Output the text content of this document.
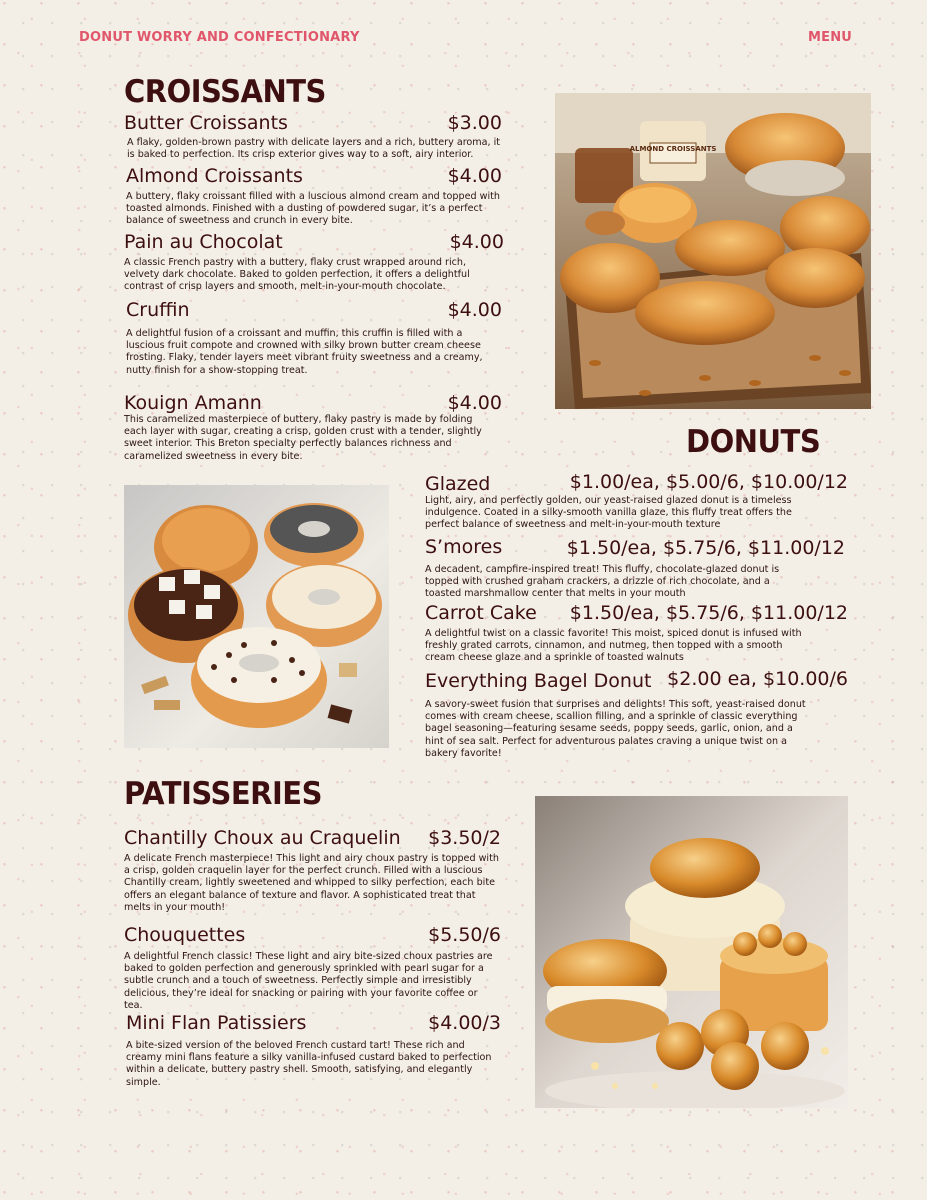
DONUT WORRY AND CONFECTIONARY	MENU
CROISSANTS
Butter Croissants	$3.00
A flaky, golden-brown pastry with delicate layers and a rich, buttery aroma, it is baked to perfection. Its crisp exterior gives way to a soft, airy interior.
Almond Croissants	$4.00
A buttery, flaky croissant filled with a luscious almond cream and topped with toasted almonds. Finished with a dusting of powdered sugar, it’s a perfect balance of sweetness and crunch in every bite.
Pain au Chocolat	$4.00
A classic French pastry with a buttery, flaky crust wrapped around rich, velvety dark chocolate. Baked to golden perfection, it offers a delightful contrast of crisp layers and smooth, melt-in-your-mouth chocolate.
Cruffin	$4.00
A delightful fusion of a croissant and muffin, this cruffin is filled with a luscious fruit compote and crowned with silky brown butter cream cheese frosting. Flaky, tender layers meet vibrant fruity sweetness and a creamy, nutty finish for a show-stopping treat.
Kouign Amann	$4.00
This caramelized masterpiece of buttery, flaky pastry is made by folding each layer with sugar, creating a crisp, golden crust with a tender, slightly sweet interior. This Breton specialty perfectly balances richness and caramelized sweetness in every bite.
ALMOND CROISSANTS
DONUTS
Glazed	$1.00/ea, $5.00/6, $10.00/12
Light, airy, and perfectly golden, our yeast-raised glazed donut is a timeless indulgence. Coated in a silky-smooth vanilla glaze, this fluffy treat offers the perfect balance of sweetness and melt-in-your-mouth texture
S’mores	$1.50/ea, $5.75/6, $11.00/12
A decadent, campfire-inspired treat! This fluffy, chocolate-glazed donut is topped with crushed graham crackers, a drizzle of rich chocolate, and a toasted marshmallow center that melts in your mouth
Carrot Cake	$1.50/ea, $5.75/6, $11.00/12
A delightful twist on a classic favorite! This moist, spiced donut is infused with freshly grated carrots, cinnamon, and nutmeg, then topped with a smooth cream cheese glaze and a sprinkle of toasted walnuts
Everything Bagel Donut $2.00 ea, $10.00/6
A savory-sweet fusion that surprises and delights! This soft, yeast-raised donut comes with cream cheese, scallion filling, and a sprinkle of classic everything bagel seasoning—featuring sesame seeds, poppy seeds, garlic, onion, and a hint of sea salt. Perfect for adventurous palates craving a unique twist on a bakery favorite!
PATISSERIES
Chantilly Choux au Craquelin	$3.50/2
A delicate French masterpiece! This light and airy choux pastry is topped with a crisp, golden craquelin layer for the perfect crunch. Filled with a luscious Chantilly cream, lightly sweetened and whipped to silky perfection, each bite offers an elegant balance of texture and flavor. A sophisticated treat that melts in your mouth!
Chouquettes	$5.50/6
A delightful French classic! These light and airy bite-sized choux pastries are baked to golden perfection and generously sprinkled with pearl sugar for a subtle crunch and a touch of sweetness. Perfectly simple and irresistibly delicious, they’re ideal for snacking or pairing with your favorite coffee or tea.
Mini Flan Patissiers	$4.00/3
A bite-sized version of the beloved French custard tart! These rich and creamy mini flans feature a silky vanilla-infused custard baked to perfection within a delicate, buttery pastry shell. Smooth, satisfying, and elegantly simple.
